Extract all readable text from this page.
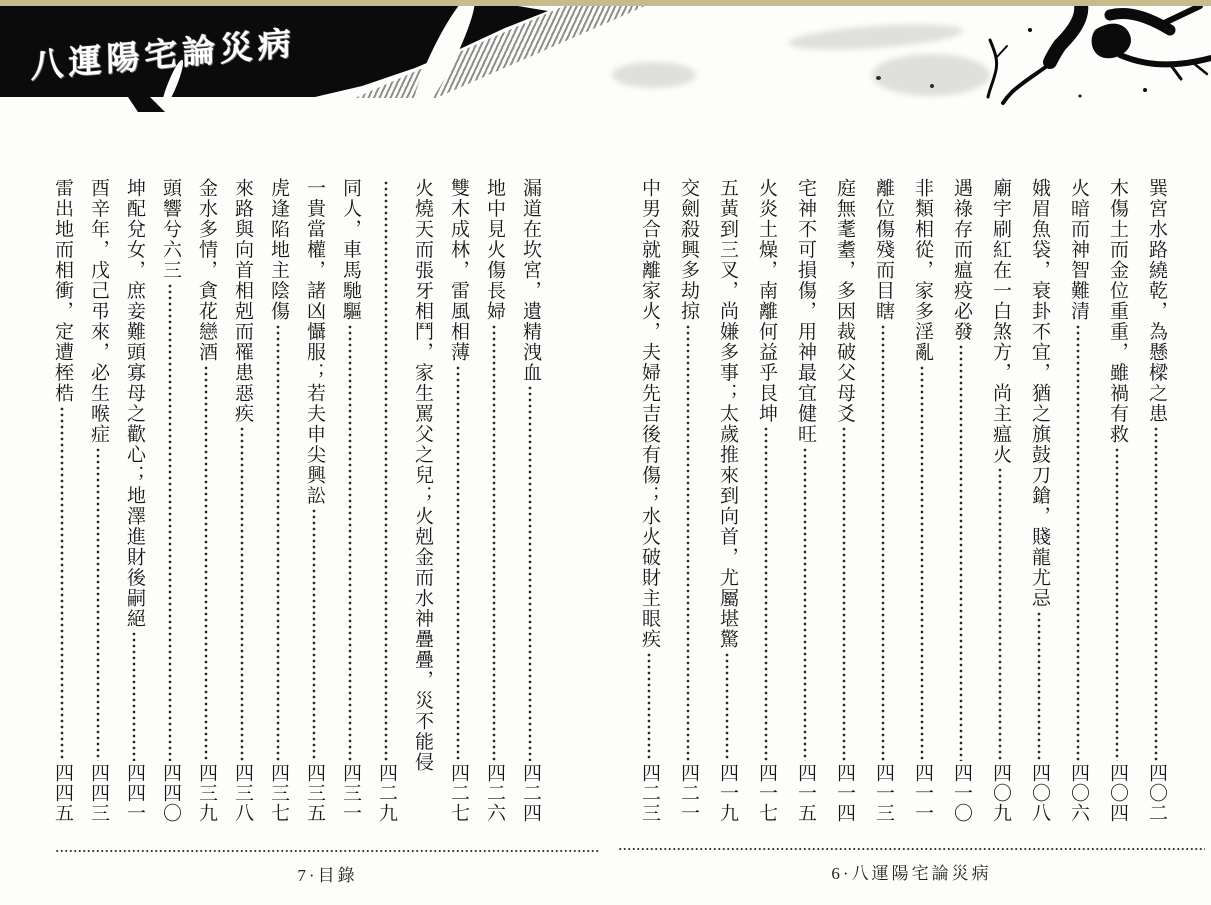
八運陽宅論災病
巽宮水路繞乾，為懸樑之患
四〇二
木傷土而金位重重，雖禍有救
四〇四
火暗而神智難清
四〇六
娥眉魚袋，衰卦不宜，猶之旗鼓刀鎗，賤龍尤忌
四〇八
廟宇刷紅在一白煞方，尚主瘟火
四〇九
遇祿存而瘟疫必發
四一〇
非類相從，家多淫亂
四一一
離位傷殘而目瞎
四一三
庭無耄耋，多因裁破父母爻
四一四
宅神不可損傷，用神最宜健旺
四一五
火炎土燥，南離何益乎艮坤
四一七
五黃到三叉，尚嫌多事；太歲推來到向首，尤屬堪驚
四一九
交劍殺興多劫掠
四二一
中男合就離家火，夫婦先吉後有傷；水火破財主眼疾
四二三
漏道在坎宮，遺精洩血
四二四
地中見火傷長婦
四二六
雙木成林，雷風相薄
四二七
火燒天而張牙相鬥，家生罵父之兒；火剋金而水神疊疊，災不能侵
四二九
同人，車馬馳驅
四三一
一貴當權，諸凶懾服；若夫申尖興訟
四三五
虎逢陷地主陰傷
四三七
來路與向首相剋而罹患惡疾
四三八
金水多情，貪花戀酒
四三九
頭響兮六三
四四〇
坤配兌女，庶妾難頭寡母之歡心；地澤進財後嗣絕
四四一
酉辛年，戊己弔來，必生喉症
四四三
雷出地而相衝，定遭桎梏
四四五
7·目錄	6·八運陽宅論災病
